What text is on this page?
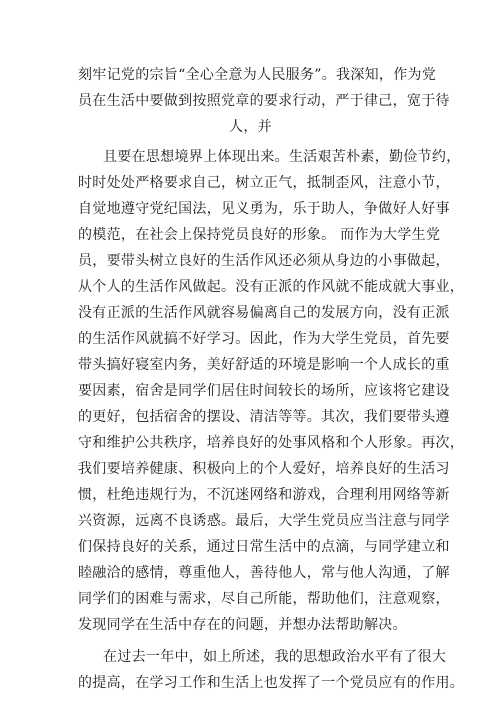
刻牢记党的宗旨“全心全意为人民服务”。我深知，作为党
员在生活中要做到按照党章的要求行动，严于律己，宽于待
人，并
且要在思想境界上体现出来。生活艰苦朴素，勤俭节约，
时时处处严格要求自己，树立正气，抵制歪风，注意小节，
自觉地遵守党纪国法，见义勇为，乐于助人，争做好人好事
的模范，在社会上保持党员良好的形象。 而作为大学生党
员，要带头树立良好的生活作风还必须从身边的小事做起，
从个人的生活作风做起。没有正派的作风就不能成就大事业，
没有正派的生活作风就容易偏离自己的发展方向，没有正派
的生活作风就搞不好学习。因此，作为大学生党员，首先要
带头搞好寝室内务，美好舒适的环境是影响一个人成长的重
要因素，宿舍是同学们居住时间较长的场所，应该将它建设
的更好，包括宿舍的摆设、清洁等等。其次，我们要带头遵
守和维护公共秩序，培养良好的处事风格和个人形象。再次，
我们要培养健康、积极向上的个人爱好，培养良好的生活习
惯，杜绝违规行为，不沉迷网络和游戏，合理利用网络等新
兴资源，远离不良诱惑。最后，大学生党员应当注意与同学
们保持良好的关系，通过日常生活中的点滴，与同学建立和
睦融洽的感情，尊重他人，善待他人，常与他人沟通，了解
同学们的困难与需求，尽自己所能，帮助他们，注意观察，
发现同学在生活中存在的问题，并想办法帮助解决。
在过去一年中，如上所述，我的思想政治水平有了很大
的提高，在学习工作和生活上也发挥了一个党员应有的作用。
